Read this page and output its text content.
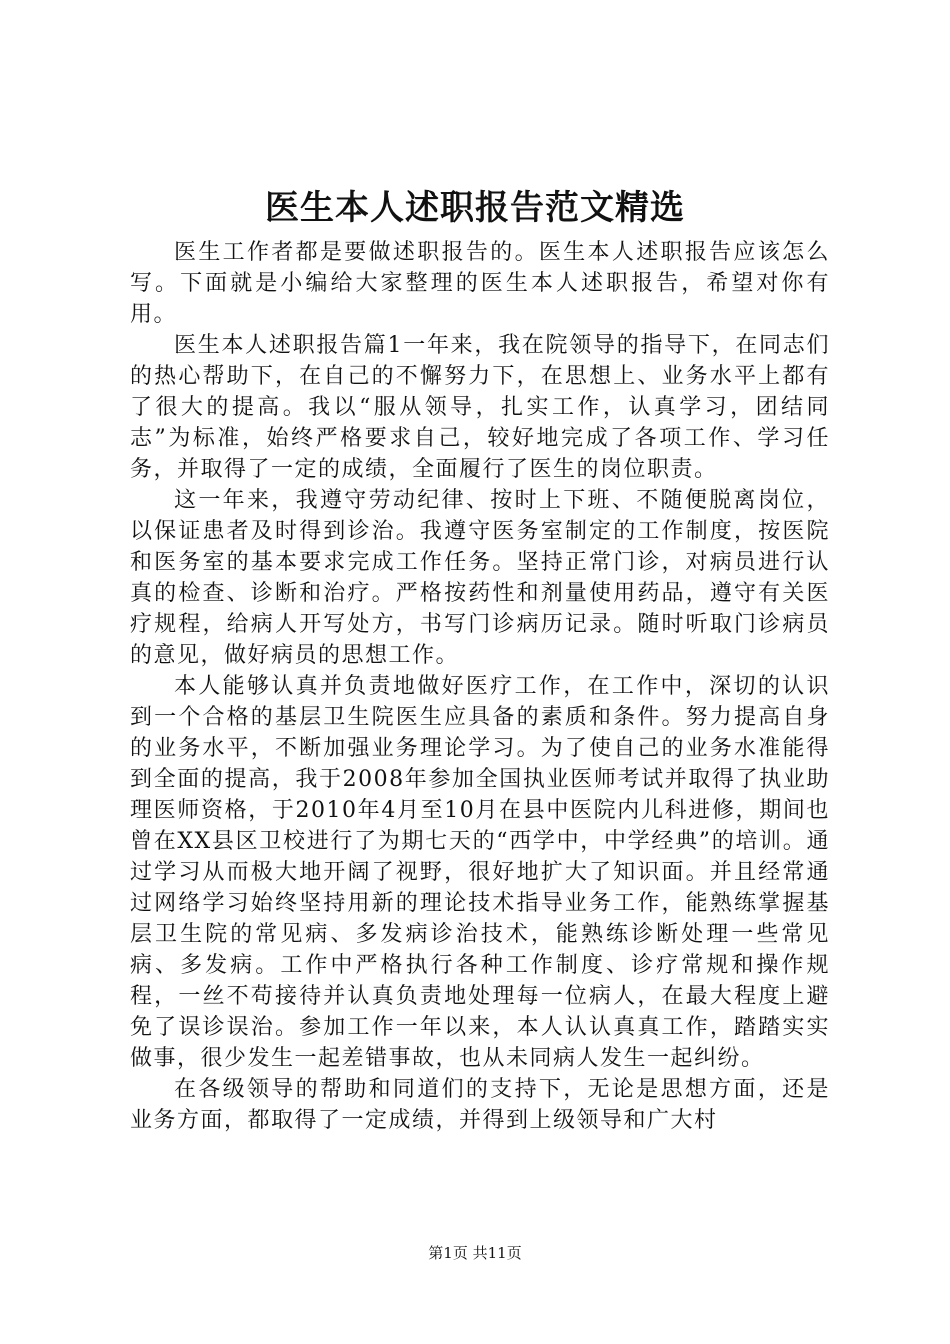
医生本人述职报告范文精选

医生工作者都是要做述职报告的。医生本人述职报告应该怎么写。下面就是小编给大家整理的医生本人述职报告，希望对你有用。

医生本人述职报告篇1一年来，我在院领导的指导下，在同志们的热心帮助下，在自己的不懈努力下，在思想上、业务水平上都有了很大的提高。我以“服从领导，扎实工作，认真学习，团结同志”为标准，始终严格要求自己，较好地完成了各项工作、学习任务，并取得了一定的成绩，全面履行了医生的岗位职责。

这一年来，我遵守劳动纪律、按时上下班、不随便脱离岗位，以保证患者及时得到诊治。我遵守医务室制定的工作制度，按医院和医务室的基本要求完成工作任务。坚持正常门诊，对病员进行认真的检查、诊断和治疗。严格按药性和剂量使用药品，遵守有关医疗规程，给病人开写处方，书写门诊病历记录。随时听取门诊病员的意见，做好病员的思想工作。

本人能够认真并负责地做好医疗工作，在工作中，深切的认识到一个合格的基层卫生院医生应具备的素质和条件。努力提高自身的业务水平，不断加强业务理论学习。为了使自己的业务水准能得到全面的提高，我于2008年参加全国执业医师考试并取得了执业助理医师资格，于2010年4月至10月在县中医院内儿科进修，期间也曾在XX县区卫校进行了为期七天的“西学中，中学经典”的培训。通过学习从而极大地开阔了视野，很好地扩大了知识面。并且经常通过网络学习始终坚持用新的理论技术指导业务工作，能熟练掌握基层卫生院的常见病、多发病诊治技术，能熟练诊断处理一些常见病、多发病。工作中严格执行各种工作制度、诊疗常规和操作规程，一丝不苟接待并认真负责地处理每一位病人，在最大程度上避免了误诊误治。参加工作一年以来，本人认认真真工作，踏踏实实做事，很少发生一起差错事故，也从未同病人发生一起纠纷。

在各级领导的帮助和同道们的支持下，无论是思想方面，还是业务方面，都取得了一定成绩，并得到上级领导和广大村

第1页 共11页
